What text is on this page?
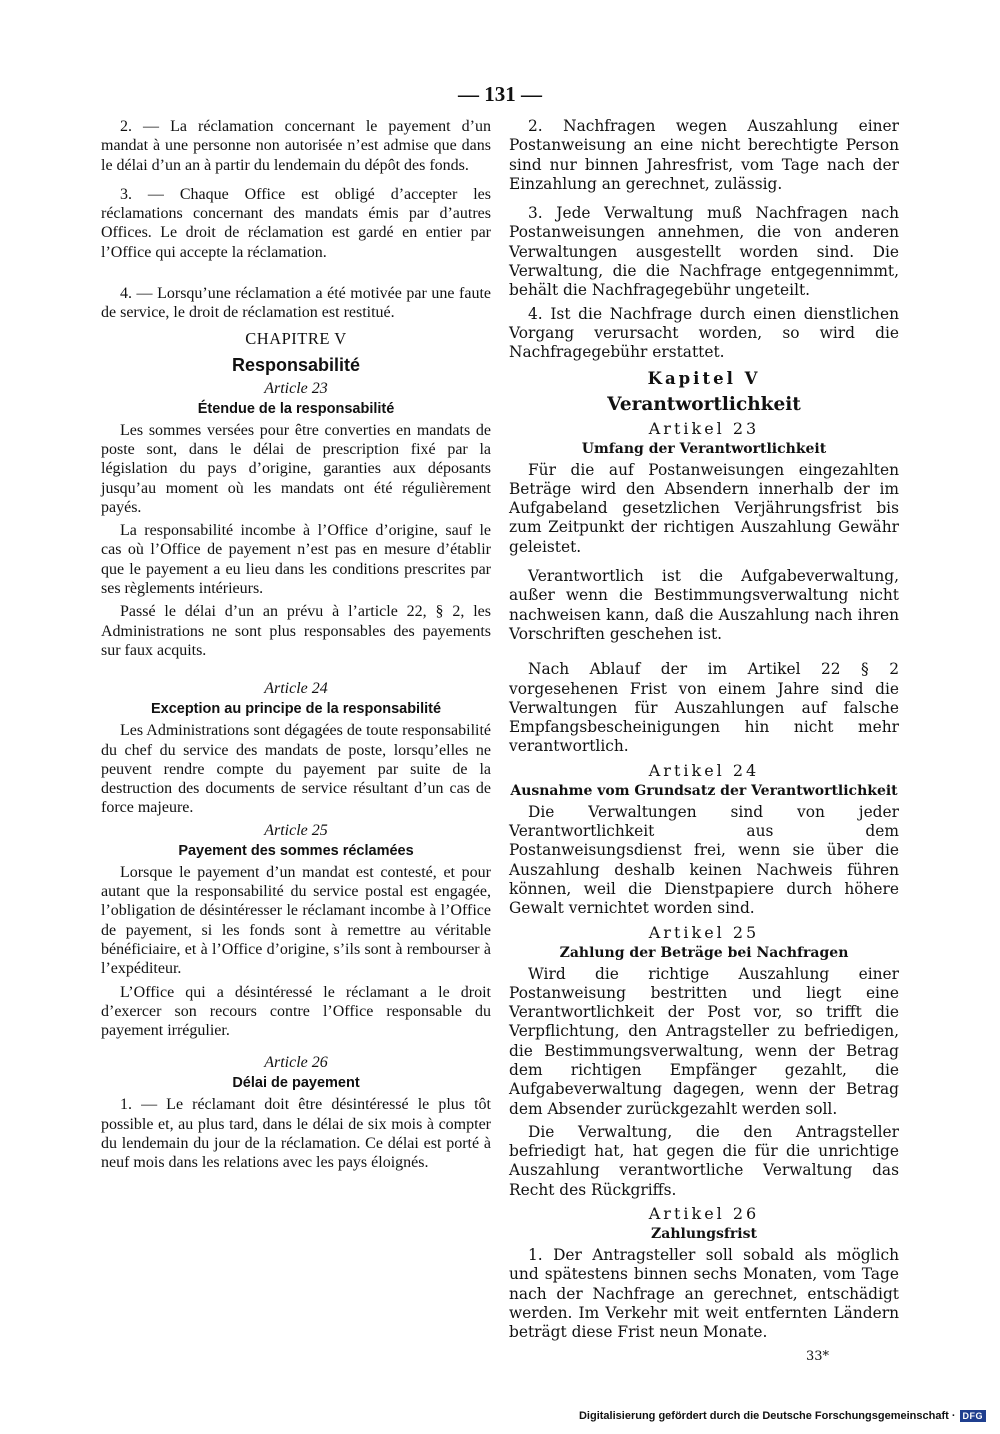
— 131 —

2. — La réclamation concernant le payement d’un mandat à une personne non autorisée n’est admise que dans le délai d’un an à partir du lendemain du dépôt des fonds.

3. — Chaque Office est obligé d’accepter les réclamations concernant des mandats émis par d’autres Offices. Le droit de réclamation est gardé en entier par l’Office qui accepte la réclamation.

4. — Lorsqu’une réclamation a été motivée par une faute de service, le droit de réclamation est restitué.

CHAPITRE V
Responsabilité
Article 23
Étendue de la responsabilité

Les sommes versées pour être converties en mandats de poste sont, dans le délai de prescription fixé par la législation du pays d’origine, garanties aux déposants jusqu’au moment où les mandats ont été régulièrement payés.

La responsabilité incombe à l’Office d’origine, sauf le cas où l’Office de payement n’est pas en mesure d’établir que le payement a eu lieu dans les conditions prescrites par ses règlements intérieurs.

Passé le délai d’un an prévu à l’article 22, § 2, les Administrations ne sont plus responsables des payements sur faux acquits.

Article 24
Exception au principe de la responsabilité

Les Administrations sont dégagées de toute responsabilité du chef du service des mandats de poste, lorsqu’elles ne peuvent rendre compte du payement par suite de la destruction des documents de service résultant d’un cas de force majeure.

Article 25
Payement des sommes réclamées

Lorsque le payement d’un mandat est contesté, et pour autant que la responsabilité du service postal est engagée, l’obligation de désintéresser le réclamant incombe à l’Office de payement, si les fonds sont à remettre au véritable bénéficiaire, et à l’Office d’origine, s’ils sont à rembourser à l’expéditeur.

L’Office qui a désintéressé le réclamant a le droit d’exercer son recours contre l’Office responsable du payement irrégulier.

Article 26
Délai de payement

1. — Le réclamant doit être désintéressé le plus tôt possible et, au plus tard, dans le délai de six mois à compter du lendemain du jour de la réclamation. Ce délai est porté à neuf mois dans les relations avec les pays éloignés.

2. Nachfragen wegen Auszahlung einer Postanweisung an eine nicht berechtigte Person sind nur binnen Jahresfrist, vom Tage nach der Einzahlung an gerechnet, zulässig.

3. Jede Verwaltung muß Nachfragen nach Postanweisungen annehmen, die von anderen Verwaltungen ausgestellt worden sind. Die Verwaltung, die die Nachfrage entgegennimmt, behält die Nachfragegebühr ungeteilt.

4. Ist die Nachfrage durch einen dienstlichen Vorgang verursacht worden, so wird die Nachfragegebühr erstattet.

Kapitel V
Verantwortlichkeit
Artikel 23
Umfang der Verantwortlichkeit

Für die auf Postanweisungen eingezahlten Beträge wird den Absendern innerhalb der im Aufgabeland gesetzlichen Verjährungsfrist bis zum Zeitpunkt der richtigen Auszahlung Gewähr geleistet.

Verantwortlich ist die Aufgabeverwaltung, außer wenn die Bestimmungsverwaltung nicht nachweisen kann, daß die Auszahlung nach ihren Vorschriften geschehen ist.

Nach Ablauf der im Artikel 22 § 2 vorgesehenen Frist von einem Jahre sind die Verwaltungen für Auszahlungen auf falsche Empfangsbescheinigungen hin nicht mehr verantwortlich.

Artikel 24
Ausnahme vom Grundsatz der Verantwortlichkeit

Die Verwaltungen sind von jeder Verantwortlichkeit aus dem Postanweisungsdienst frei, wenn sie über die Auszahlung deshalb keinen Nachweis führen können, weil die Dienstpapiere durch höhere Gewalt vernichtet worden sind.

Artikel 25
Zahlung der Beträge bei Nachfragen

Wird die richtige Auszahlung einer Postanweisung bestritten und liegt eine Verantwortlichkeit der Post vor, so trifft die Verpflichtung, den Antragsteller zu befriedigen, die Bestimmungsverwaltung, wenn der Betrag dem richtigen Empfänger gezahlt, die Aufgabeverwaltung dagegen, wenn der Betrag dem Absender zurückgezahlt werden soll.

Die Verwaltung, die den Antragsteller befriedigt hat, hat gegen die für die unrichtige Auszahlung verantwortliche Verwaltung das Recht des Rückgriffs.

Artikel 26
Zahlungsfrist

1. Der Antragsteller soll sobald als möglich und spätestens binnen sechs Monaten, vom Tage nach der Nachfrage an gerechnet, entschädigt werden. Im Verkehr mit weit entfernten Ländern beträgt diese Frist neun Monate.

33*
Digitalisierung gefördert durch die Deutsche Forschungsgemeinschaft · DFG
